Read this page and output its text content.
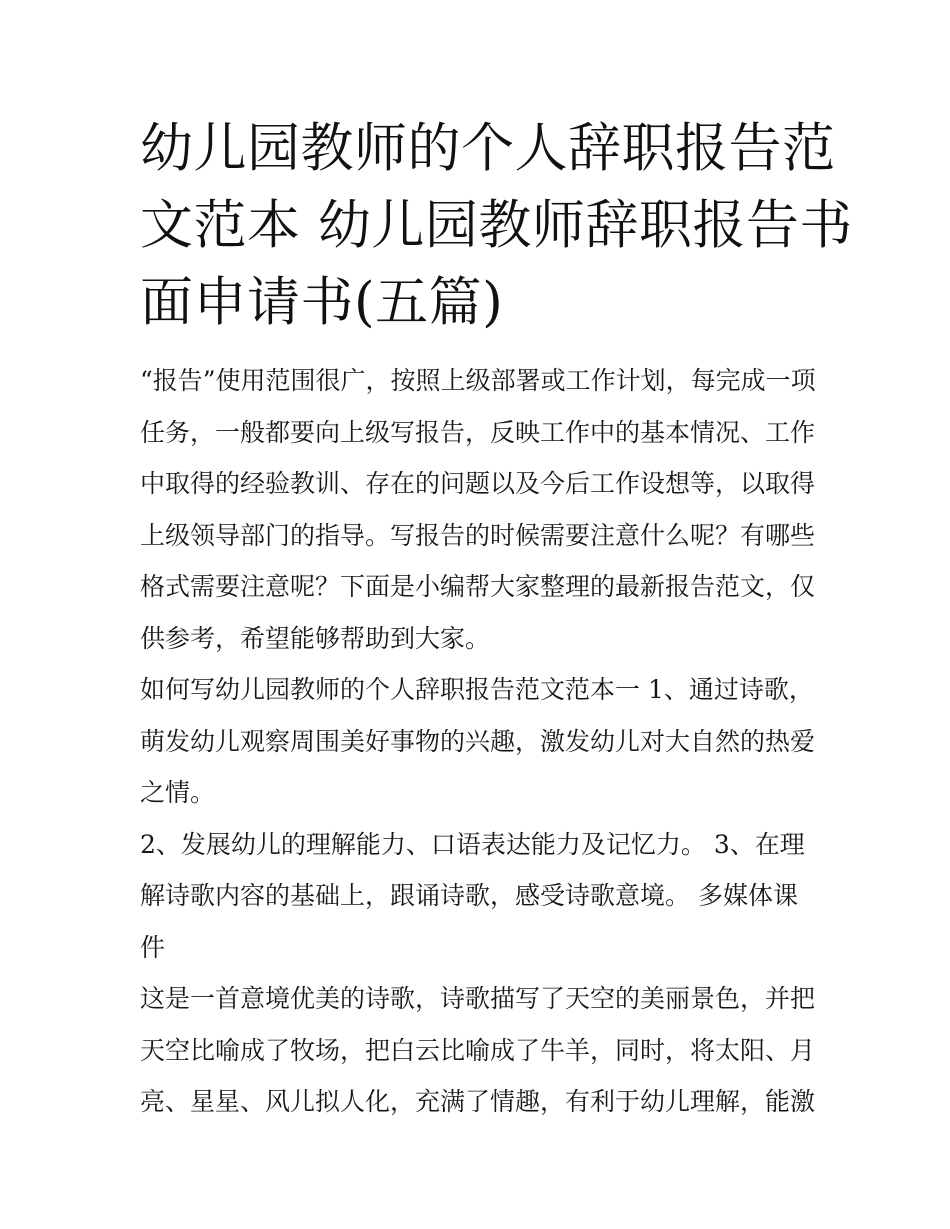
幼儿园教师的个人辞职报告范
文范本 幼儿园教师辞职报告书
面申请书(五篇)

“报告”使用范围很广，按照上级部署或工作计划，每完成一项
任务，一般都要向上级写报告，反映工作中的基本情况、工作
中取得的经验教训、存在的问题以及今后工作设想等，以取得
上级领导部门的指导。写报告的时候需要注意什么呢？有哪些
格式需要注意呢？下面是小编帮大家整理的最新报告范文，仅
供参考，希望能够帮助到大家。

如何写幼儿园教师的个人辞职报告范文范本一 1、通过诗歌，
萌发幼儿观察周围美好事物的兴趣，激发幼儿对大自然的热爱
之情。

2、发展幼儿的理解能力、口语表达能力及记忆力。 3、在理
解诗歌内容的基础上，跟诵诗歌，感受诗歌意境。 多媒体课
件

这是一首意境优美的诗歌，诗歌描写了天空的美丽景色，并把
天空比喻成了牧场，把白云比喻成了牛羊，同时，将太阳、月
亮、星星、风儿拟人化，充满了情趣，有利于幼儿理解，能激
